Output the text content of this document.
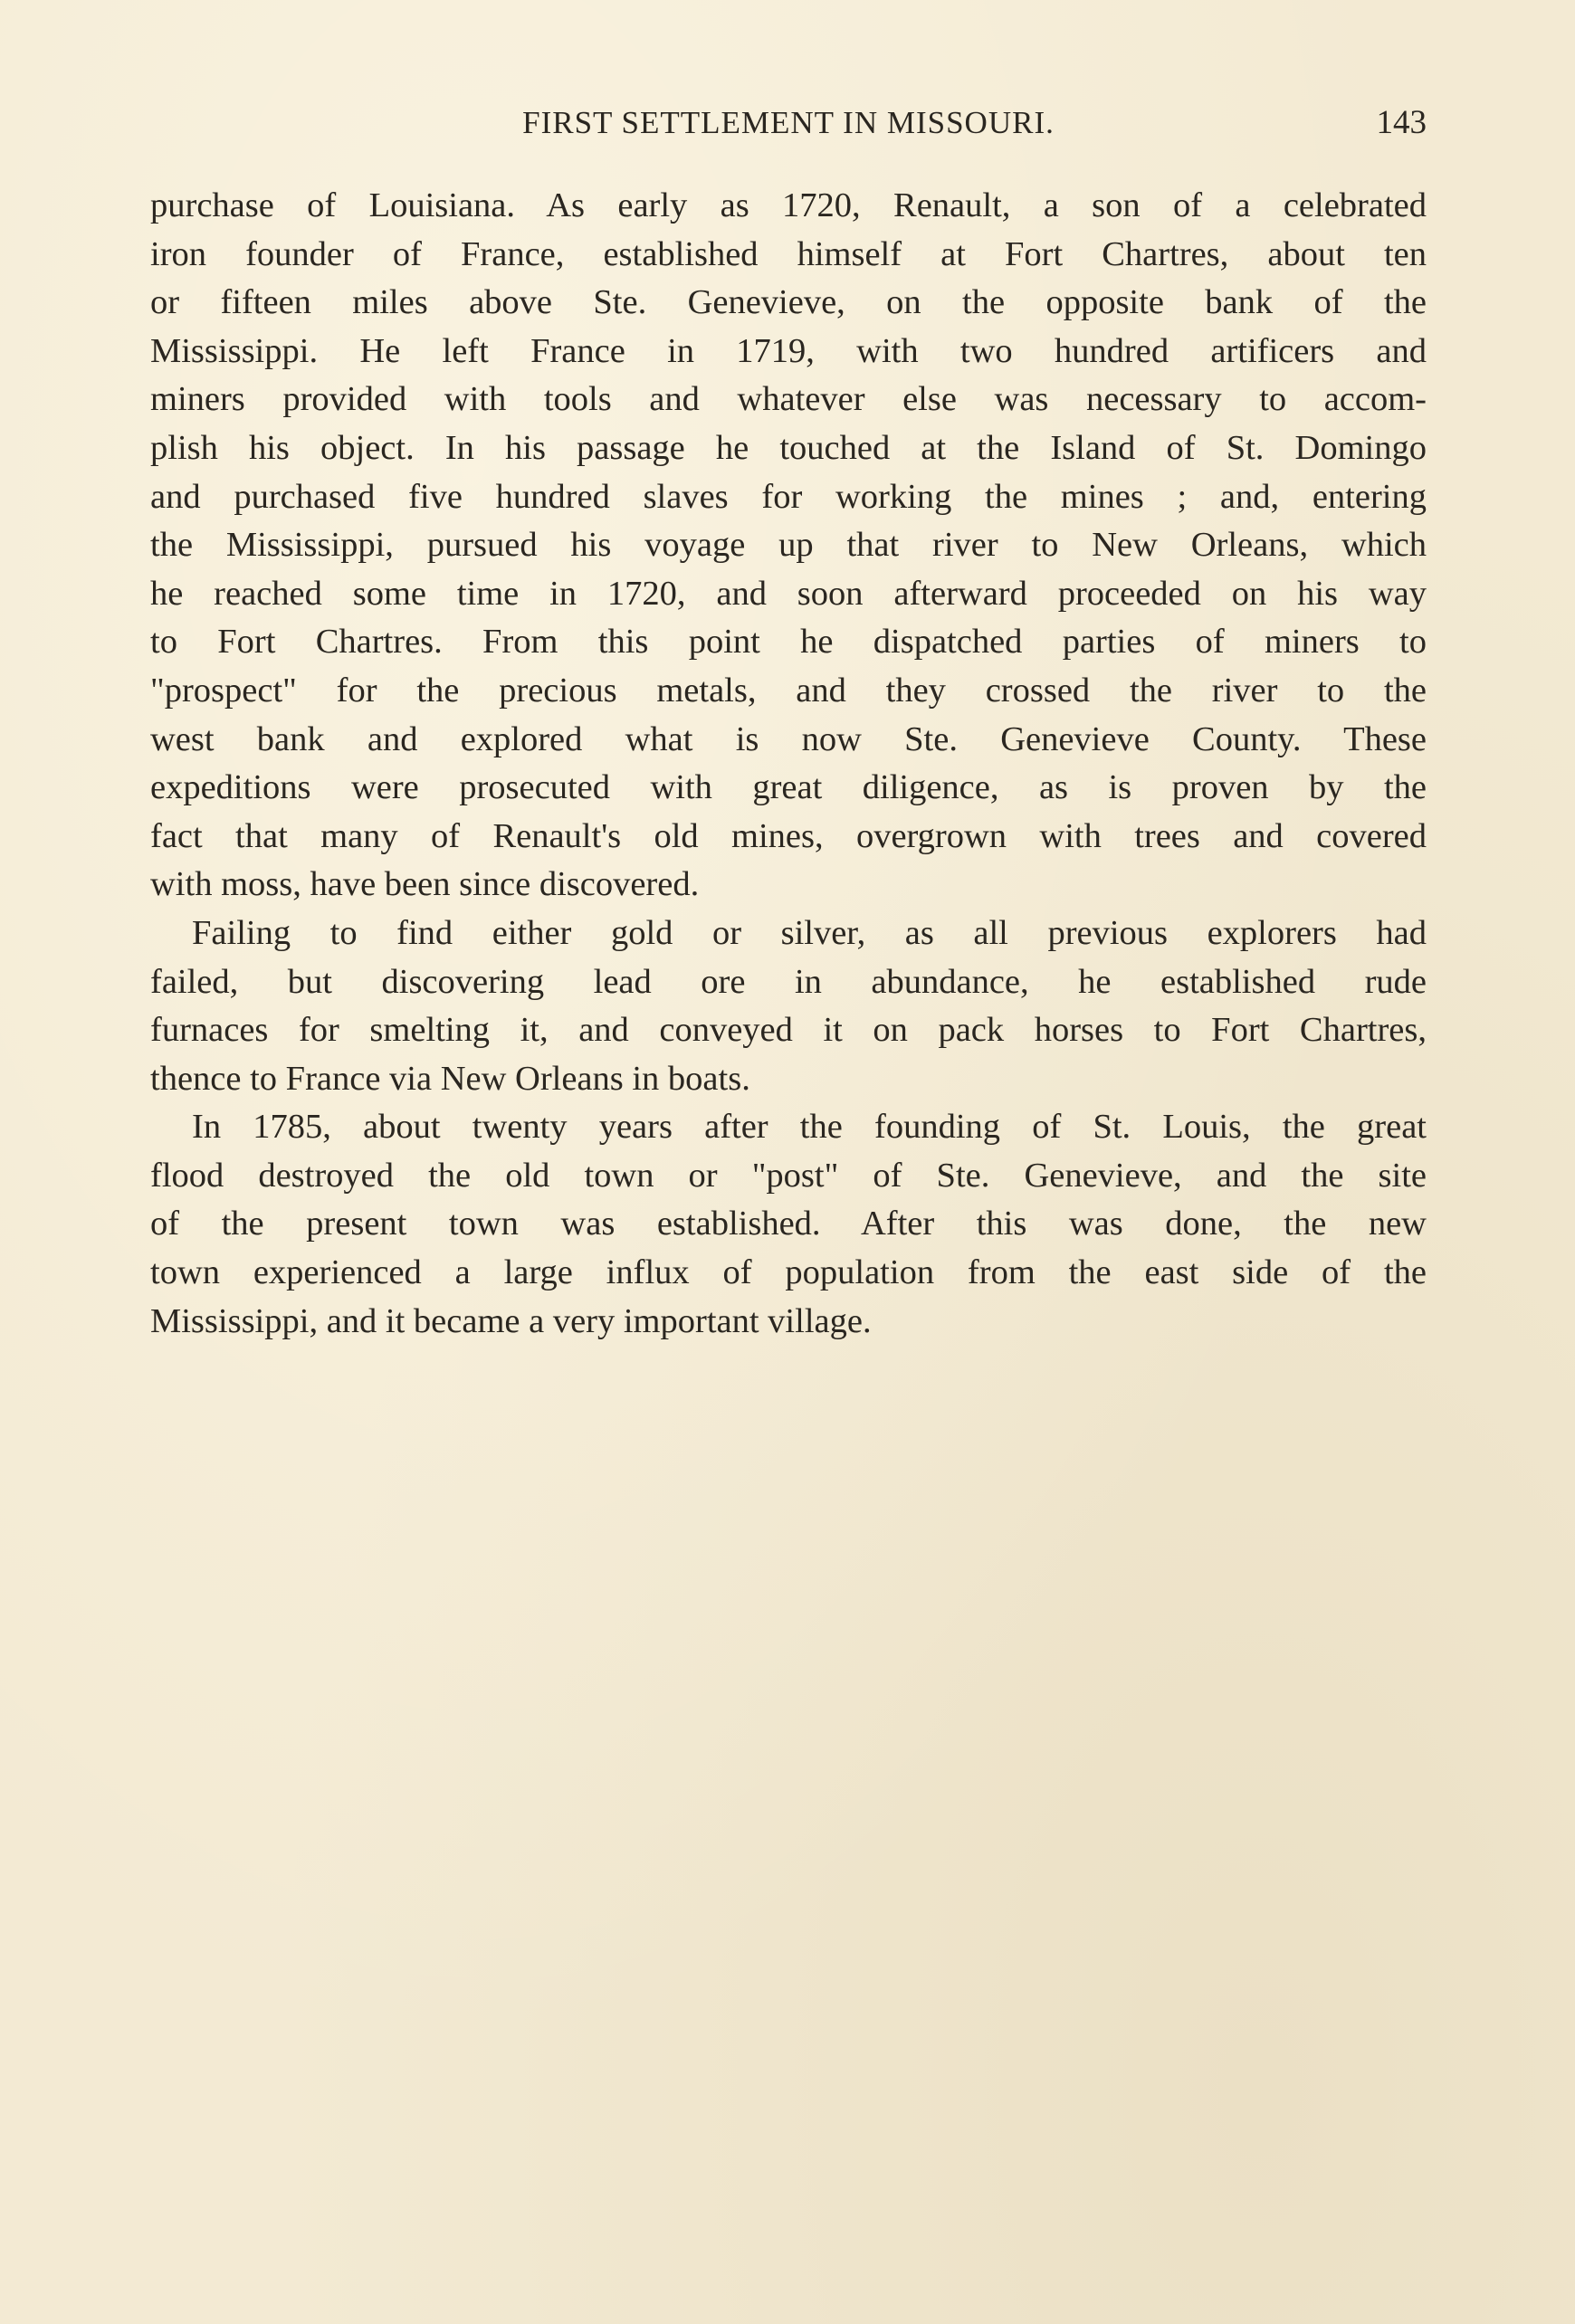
FIRST SETTLEMENT IN MISSOURI.	143

purchase of Louisiana. As early as 1720, Renault, a son of a celebrated
iron founder of France, established himself at Fort Chartres, about ten
or fifteen miles above Ste. Genevieve, on the opposite bank of the
Mississippi. He left France in 1719, with two hundred artificers and
miners provided with tools and whatever else was necessary to accom-
plish his object. In his passage he touched at the Island of St. Domingo
and purchased five hundred slaves for working the mines ; and, entering
the Mississippi, pursued his voyage up that river to New Orleans, which
he reached some time in 1720, and soon afterward proceeded on his way
to Fort Chartres. From this point he dispatched parties of miners to
"prospect" for the precious metals, and they crossed the river to the
west bank and explored what is now Ste. Genevieve County. These
expeditions were prosecuted with great diligence, as is proven by the
fact that many of Renault's old mines, overgrown with trees and covered
with moss, have been since discovered.

Failing to find either gold or silver, as all previous explorers had
failed, but discovering lead ore in abundance, he established rude
furnaces for smelting it, and conveyed it on pack horses to Fort Chartres,
thence to France via New Orleans in boats.

In 1785, about twenty years after the founding of St. Louis, the great
flood destroyed the old town or "post" of Ste. Genevieve, and the site
of the present town was established. After this was done, the new
town experienced a large influx of population from the east side of the
Mississippi, and it became a very important village.
